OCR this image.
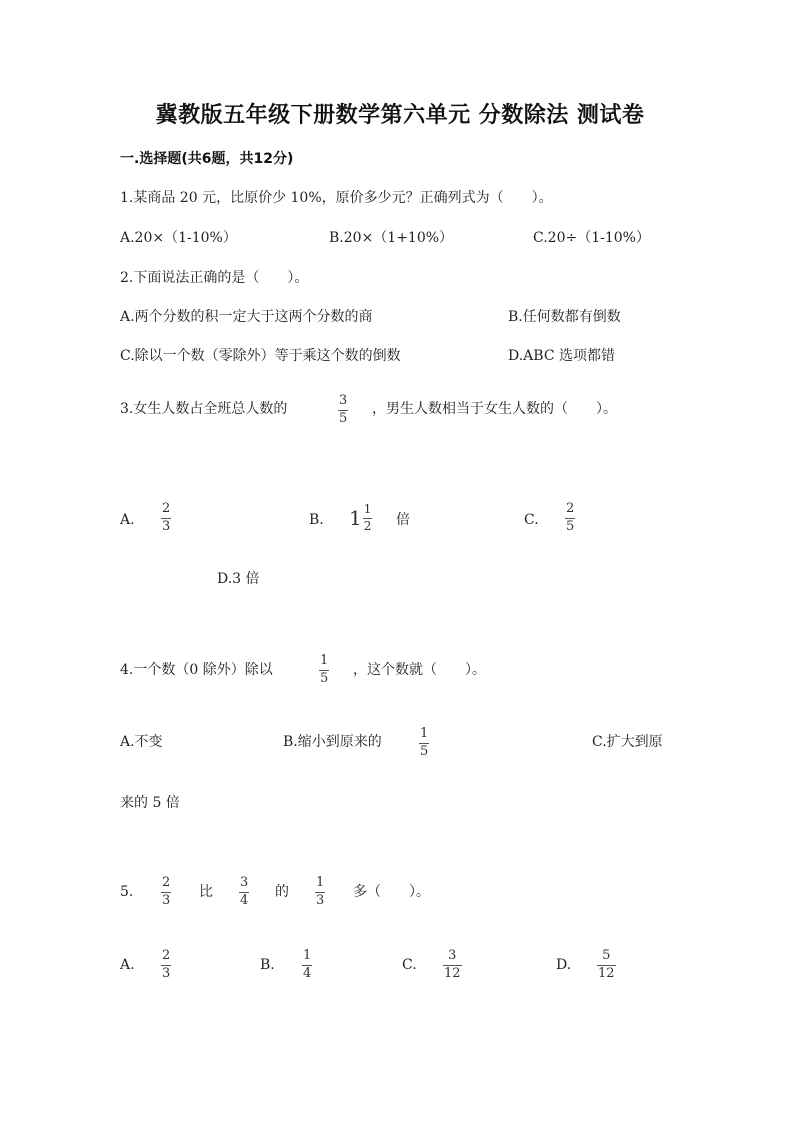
冀教版五年级下册数学第六单元 分数除法 测试卷
一.选择题(共6题，共12分)
1.某商品 20 元，比原价少 10%，原价多少元？正确列式为（　　）。
A.20×（1-10%）	B.20×（1+10%）	C.20÷（1-10%）
2.下面说法正确的是（　　）。
A.两个分数的积一定大于这两个分数的商	B.任何数都有倒数
C.除以一个数（零除外）等于乘这个数的倒数	D.ABC 选项都错
3.女生人数占全班总人数的
3
5
，男生人数相当于女生人数的（　　）。
A.
2
3	B. $1 \frac{1}{2}$ 倍	C.
2
5
D.3 倍
4.一个数（0 除外）除以
1
5
，这个数就（　　）。
A.不变	B.缩小到原来的
1
5
C.扩大到原
来的 5 倍
5.
2
3
比
3
4
的
1
3
多（　　）。
A.
2
3
B.
1
4
C.
3
12
D.
5
12
